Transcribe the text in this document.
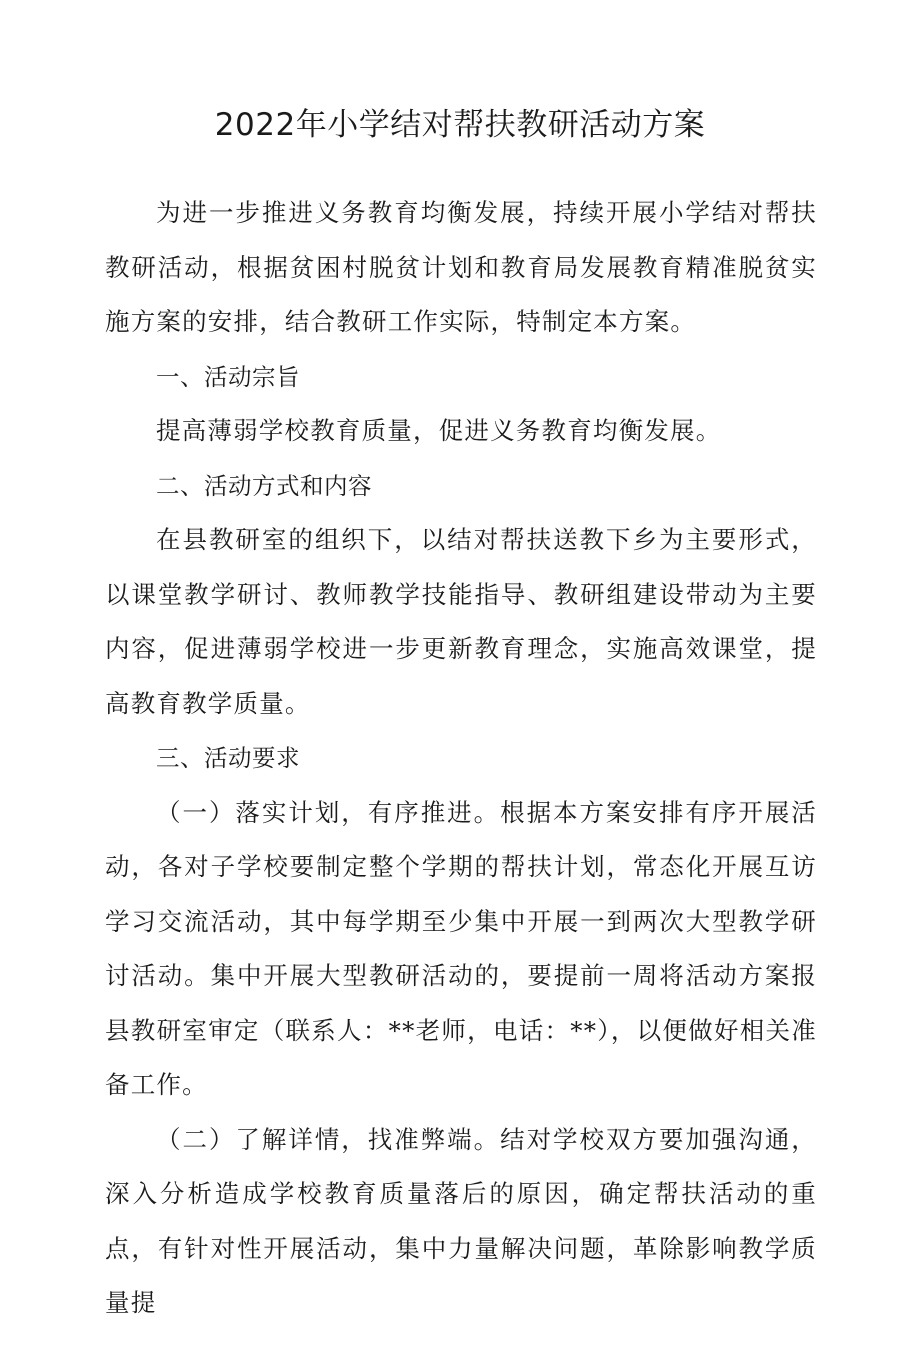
2022年小学结对帮扶教研活动方案

为进一步推进义务教育均衡发展，持续开展小学结对帮扶教研活动，根据贫困村脱贫计划和教育局发展教育精准脱贫实施方案的安排，结合教研工作实际，特制定本方案。

一、活动宗旨

提高薄弱学校教育质量，促进义务教育均衡发展。

二、活动方式和内容

在县教研室的组织下，以结对帮扶送教下乡为主要形式，以课堂教学研讨、教师教学技能指导、教研组建设带动为主要内容，促进薄弱学校进一步更新教育理念，实施高效课堂，提高教育教学质量。

三、活动要求

（一）落实计划，有序推进。根据本方案安排有序开展活动，各对子学校要制定整个学期的帮扶计划，常态化开展互访学习交流活动，其中每学期至少集中开展一到两次大型教学研讨活动。集中开展大型教研活动的，要提前一周将活动方案报县教研室审定（联系人：**老师，电话：**），以便做好相关准备工作。

（二）了解详情，找准弊端。结对学校双方要加强沟通，深入分析造成学校教育质量落后的原因，确定帮扶活动的重点，有针对性开展活动，集中力量解决问题，革除影响教学质量提
